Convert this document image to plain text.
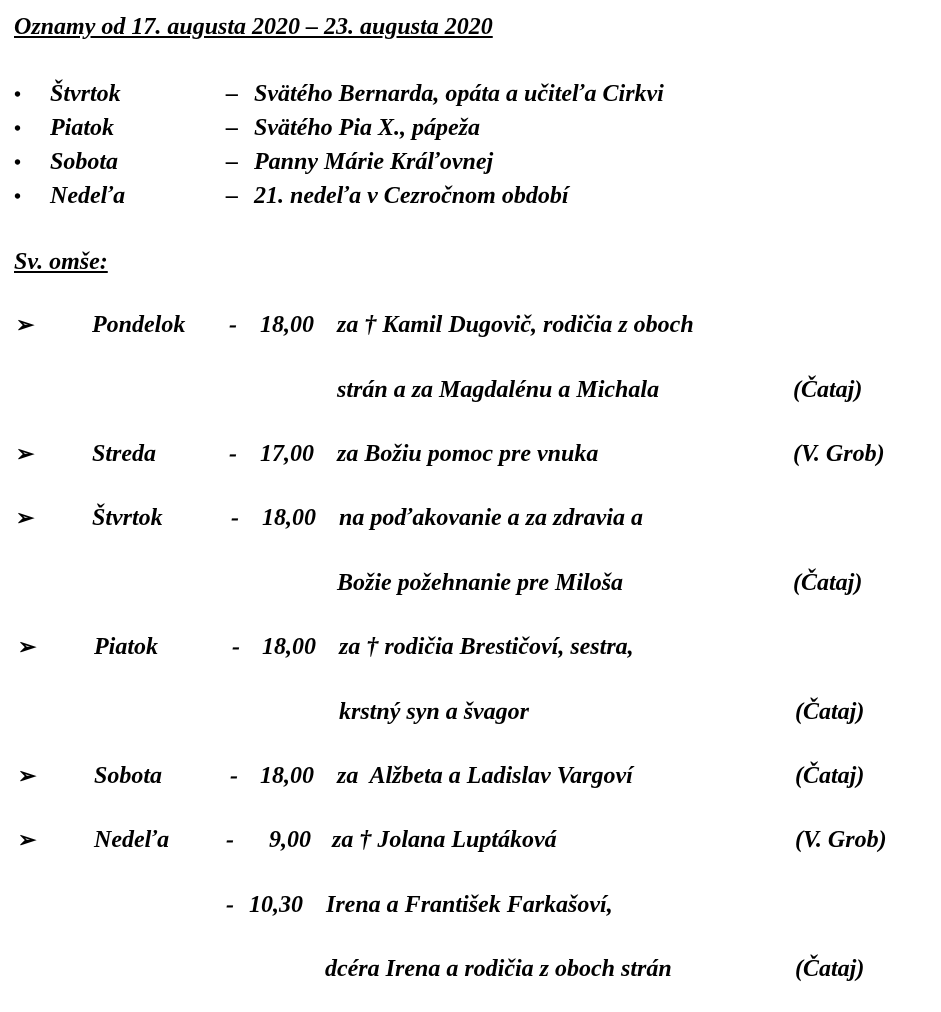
Oznamy od 17. augusta 2020 – 23. augusta 2020
• Štvrtok	– Svätého Bernarda, opáta a učiteľa Cirkvi
• Piatok	– Svätého Pia X., pápeža
• Sobota	– Panny Márie Kráľovnej
• Nedeľa	– 21. nedeľa v Cezročnom období
Sv. omše:
➢ Pondelok - 18,00 za † Kamil Dugovič, rodičia z oboch
strán a za Magdalénu a Michala	(Čataj)
➢ Streda	- 17,00 za Božiu pomoc pre vnuka	(V. Grob)
➢ Štvrtok	- 18,00 na poďakovanie a za zdravia a
Božie požehnanie pre Miloša	(Čataj)
➢ Piatok	- 18,00 za † rodičia Brestičoví, sestra,
krstný syn a švagor	(Čataj)
➢ Sobota	- 18,00 za  Alžbeta a Ladislav Vargoví	(Čataj)
➢ Nedeľa - 9,00 za † Jolana Luptáková	(V. Grob)
- 10,30 Irena a František Farkašoví,
dcéra Irena a rodičia z oboch strán	(Čataj)
